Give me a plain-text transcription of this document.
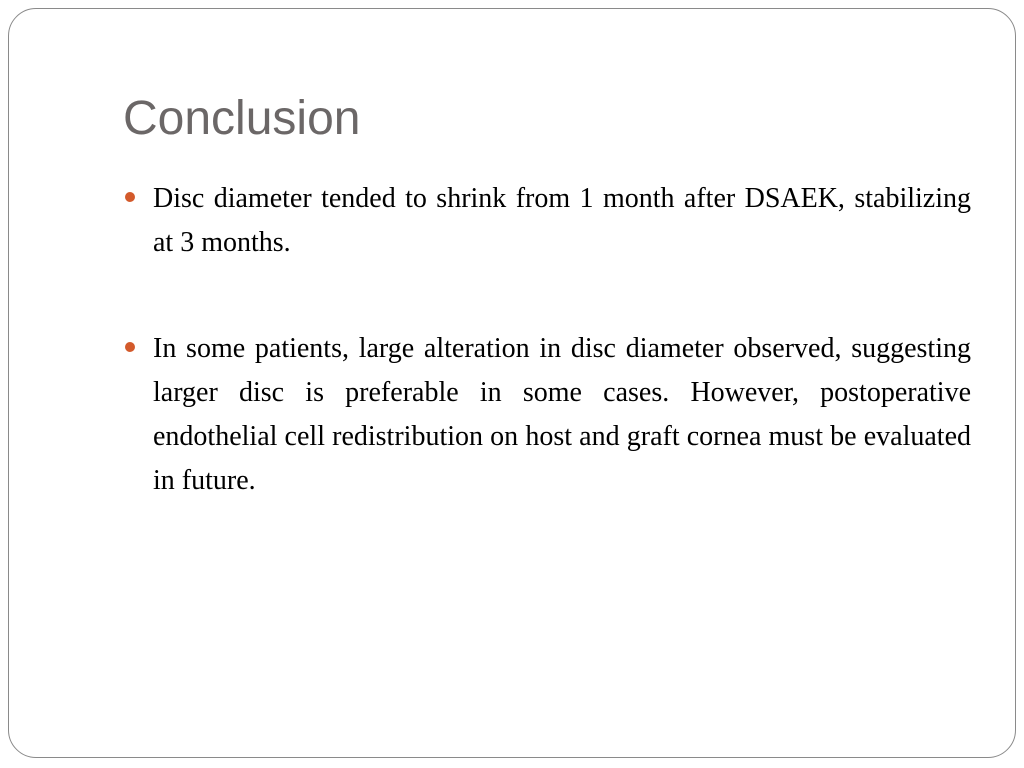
Conclusion
Disc diameter tended to shrink from 1 month after DSAEK, stabilizing at 3 months.
In some patients, large alteration in disc diameter observed, suggesting larger disc is preferable in some cases. However, postoperative endothelial cell redistribution on host and graft cornea must be evaluated in future.
